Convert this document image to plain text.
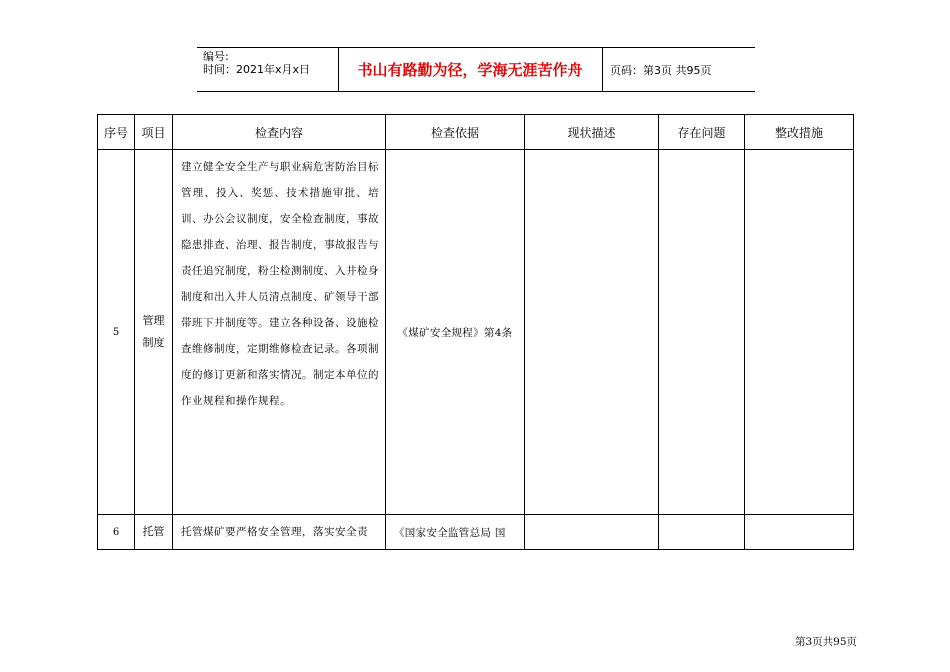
编号:
时间：2021年x月x日	书山有路勤为径，学海无涯苦作舟	页码：第3页 共95页
序号	项目	检查内容	检查依据	现状描述	存在问题	整改措施
5	管理制度	建立健全安全生产与职业病危害防治目标管理、投入、奖惩、技术措施审批、培训、办公会议制度，安全检查制度，事故隐患排查、治理、报告制度，事故报告与责任追究制度，粉尘检测制度、入井检身制度和出入井人员清点制度、矿领导干部带班下井制度等。建立各种设备、设施检查维修制度，定期维修检查记录。各项制度的修订更新和落实情况。制定本单位的作业规程和操作规程。	《煤矿安全规程》第4条			
6	托管	托管煤矿要严格安全管理，落实安全责	《国家安全监管总局 国			
第3页共95页
